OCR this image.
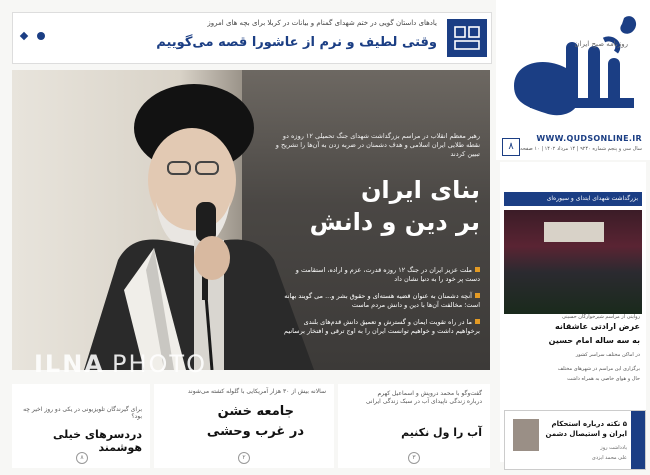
یادهای داستان گویی در ختم شهدای گمنام و بیانات در کربلا برای بچه های امروز
وقتی لطیف و نرم از عاشورا قصه می‌گوییم	روزنامه صبح ایران
WWW.QUDSONLINE.IR
سال سی و پنجم شماره ۹۲۴۰ | ۱۴ مرداد ۱۴۰۲ | ۱۰ صفحه
۸
رهبر معظم انقلاب در مراسم بزرگداشت شهدای جنگ تحمیلی ۱۲ روزه دو نقطه طلایی ایران اسلامی و هدف دشمنان در ضربه زدن به آن‌ها را تشریح و تبیین کردند
بنای ایران
بر دین و دانش
ملت عزیز ایران در جنگ ۱۲ روزه قدرت، عزم و اراده، استقامت و دست پر خود را به دنیا نشان داد
آنچه دشمنان به عنوان قضیه هسته‌ای و حقوق بشر و... می گویند بهانه است؛ مخالفت آن‌ها با دین و دانش مردم ماست
ما در راه تقویت ایمان و گسترش و تعمیق دانش قدم‌های بلندی برخواهیم داشت و خواهیم توانست ایران را به اوج ترقی و افتخار برسانیم
بزرگداشت شهدای ابتدای و سیوره‌ای
روایتی از مراسم شیرخوارگان حسینی
عرض ارادتی عاشقانه
به سه ساله امام حسین
در اماکن مختلف سراسر کشور
برگزاری این مراسم در شهرهای مختلف
حال و هوای خاصی به همراه داشت
ILNA PHOTO
برای گیرندگان تلویزیونی در یکی دو روز اخیر چه بود؟
دردسرهای خیلی هوشمند
۸
سالانه بیش از ۳۰ هزار آمریکایی با گلوله کشته می‌شوند
جامعه خشن
در غرب وحشی
۲
گفت‌وگو با محمد درویش و اسماعیل کهرم درباره زندگی ناپیدای آب در سبک زندگی ایرانی
آب را ول نکنیم
۳
۵ نکته درباره استحکام ایران و استیصال دشمن
یادداشت روز
علی محمد ایزدی
